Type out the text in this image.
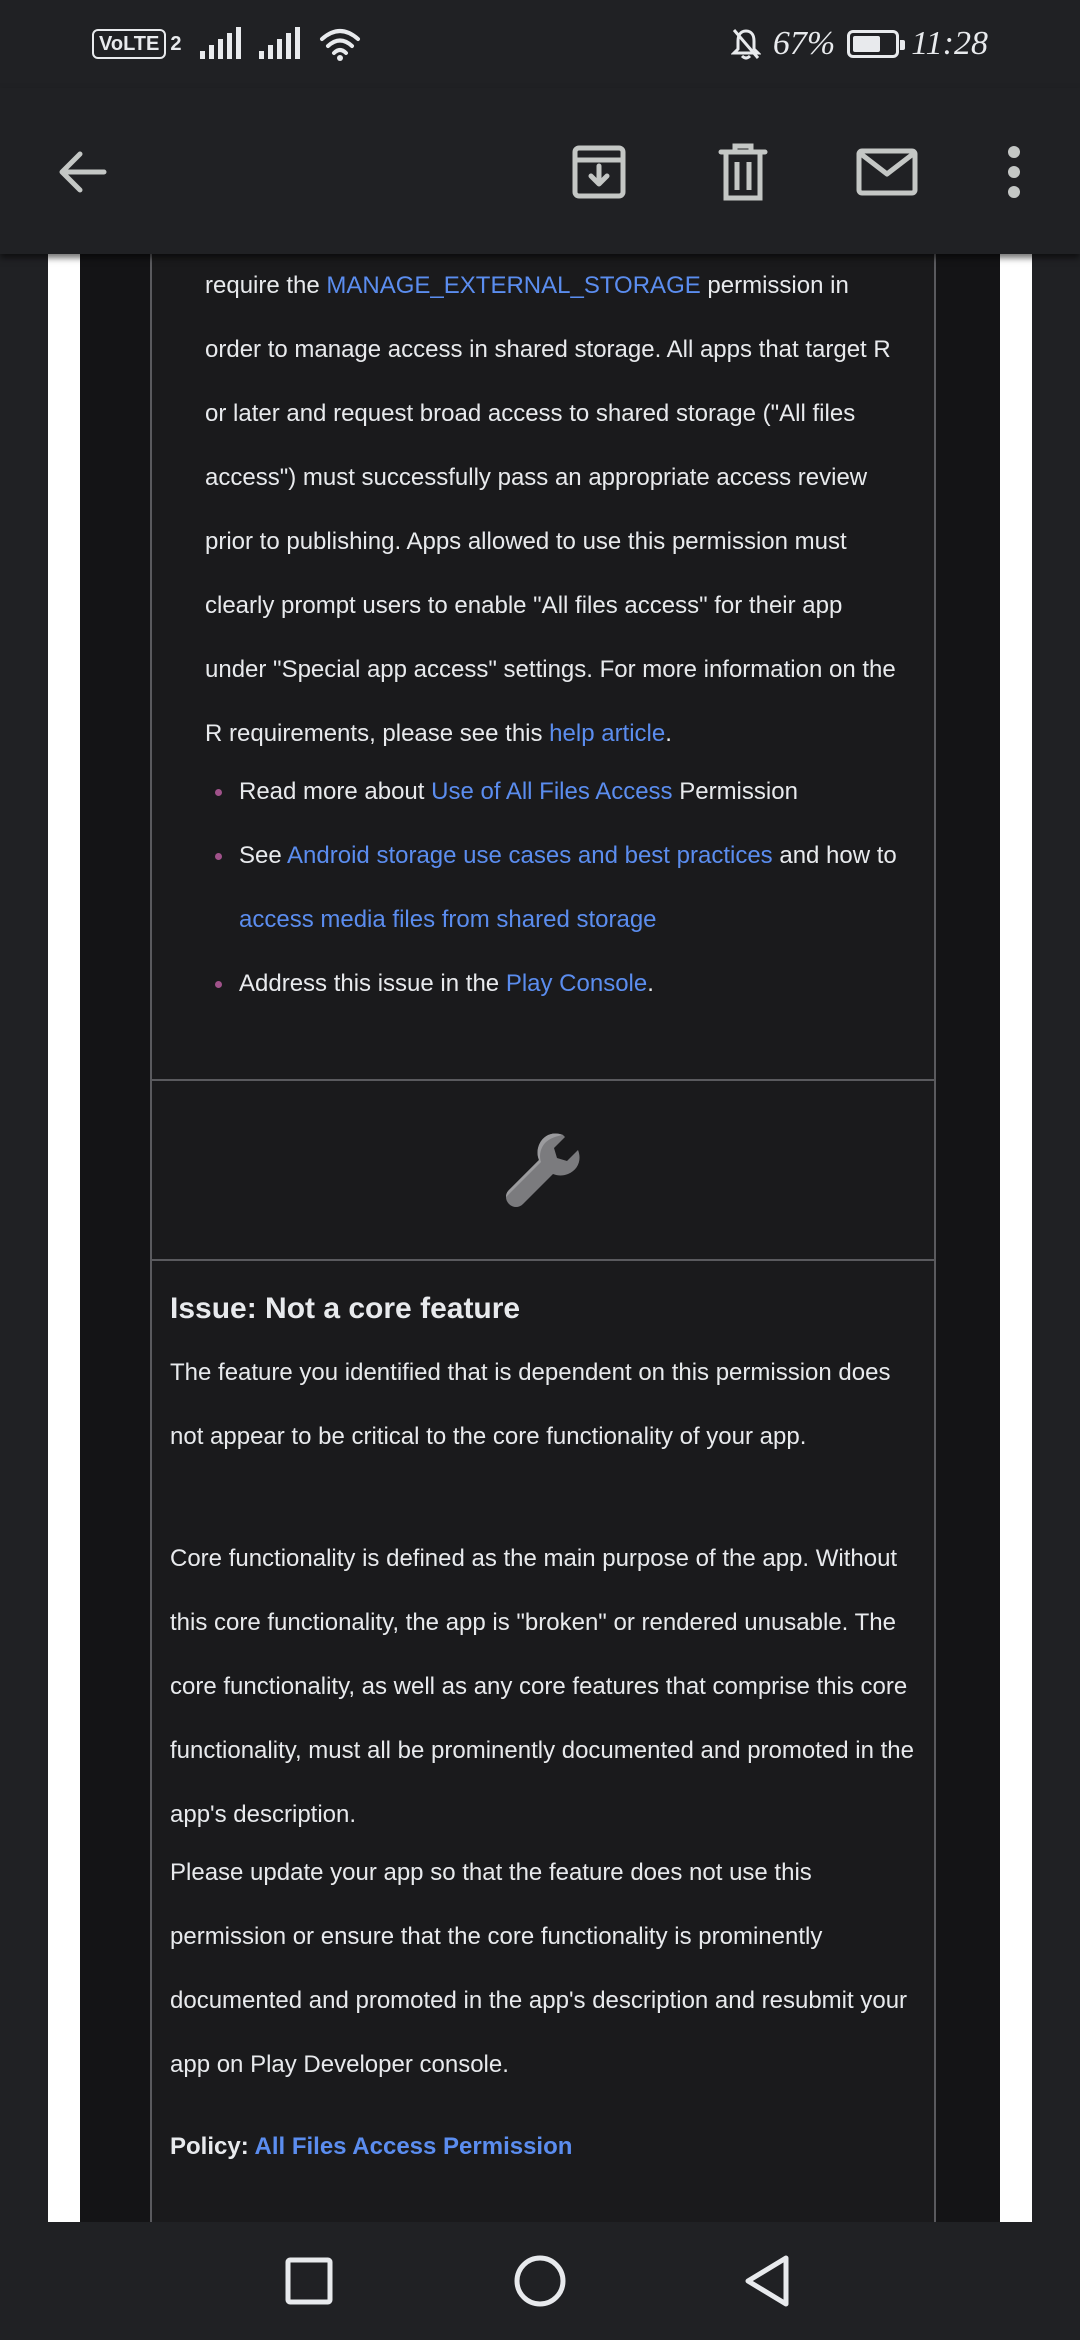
VoLTE 2	67% 11:28

require the MANAGE_EXTERNAL_STORAGE permission in order to manage access in shared storage. All apps that target R or later and request broad access to shared storage ("All files access") must successfully pass an appropriate access review prior to publishing. Apps allowed to use this permission must clearly prompt users to enable "All files access" for their app under "Special app access" settings. For more information on the R requirements, please see this help article.

Read more about Use of All Files Access Permission
See Android storage use cases and best practices and how to access media files from shared storage
Address this issue in the Play Console.
Issue: Not a core feature

The feature you identified that is dependent on this permission does not appear to be critical to the core functionality of your app.

Core functionality is defined as the main purpose of the app. Without this core functionality, the app is "broken" or rendered unusable. The core functionality, as well as any core features that comprise this core functionality, must all be prominently documented and promoted in the app's description.

Please update your app so that the feature does not use this permission or ensure that the core functionality is prominently documented and promoted in the app's description and resubmit your app on Play Developer console.

Policy: All Files Access Permission
